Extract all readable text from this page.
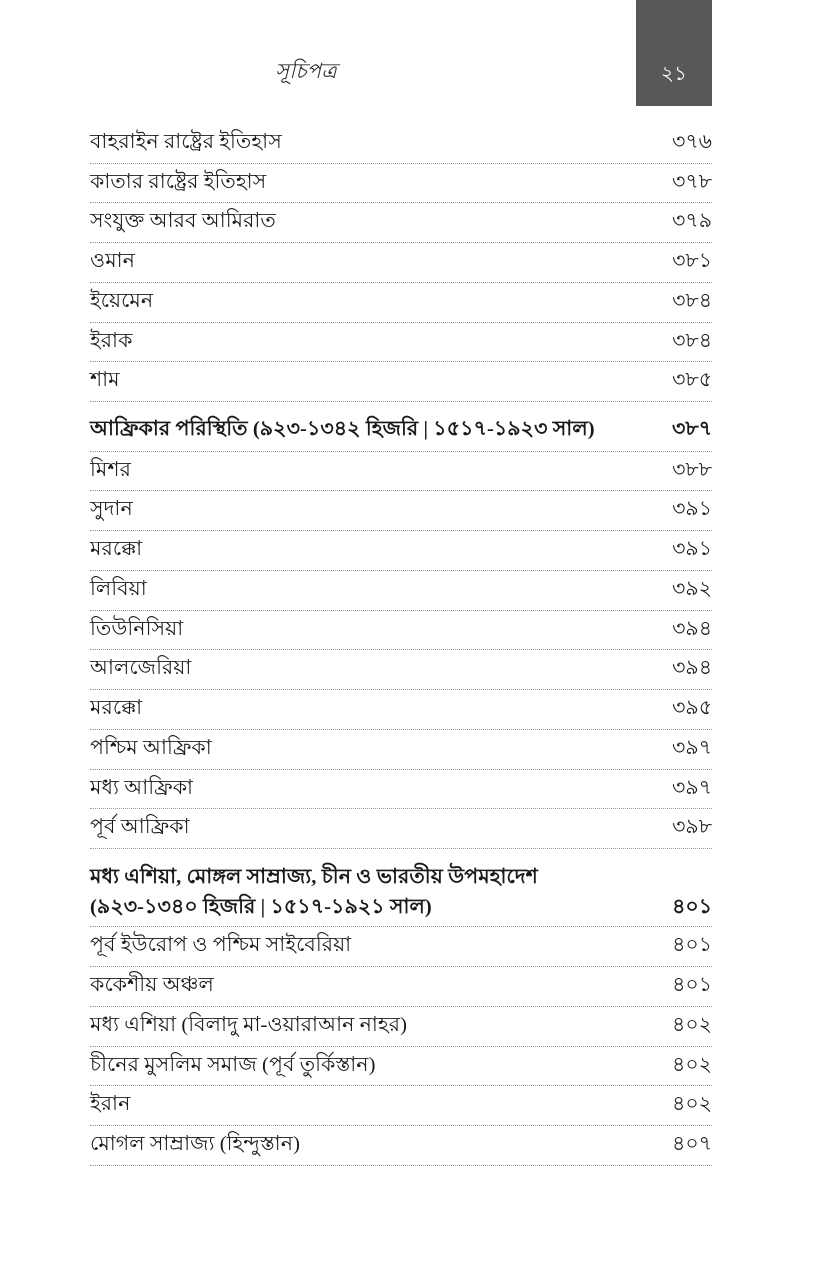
সূচিপত্র	২১
বাহরাইন রাষ্ট্রের ইতিহাস	৩৭৬
কাতার রাষ্ট্রের ইতিহাস	৩৭৮
সংযুক্ত আরব আমিরাত	৩৭৯
ওমান	৩৮১
ইয়েমেন	৩৮৪
ইরাক	৩৮৪
শাম	৩৮৫
আফ্রিকার পরিস্থিতি (৯২৩-১৩৪২ হিজরি | ১৫১৭-১৯২৩ সাল)	৩৮৭
মিশর	৩৮৮
সুদান	৩৯১
মরক্কো	৩৯১
লিবিয়া	৩৯২
তিউনিসিয়া	৩৯৪
আলজেরিয়া	৩৯৪
মরক্কো	৩৯৫
পশ্চিম আফ্রিকা	৩৯৭
মধ্য আফ্রিকা	৩৯৭
পূর্ব আফ্রিকা	৩৯৮
মধ্য এশিয়া, মোঙ্গল সাম্রাজ্য, চীন ও ভারতীয় উপমহাদেশ
(৯২৩-১৩৪০ হিজরি | ১৫১৭-১৯২১ সাল)	৪০১
পূর্ব ইউরোপ ও পশ্চিম সাইবেরিয়া	৪০১
ককেশীয় অঞ্চল	৪০১
মধ্য এশিয়া (বিলাদু মা-ওয়ারাআন নাহর)	৪০২
চীনের মুসলিম সমাজ (পূর্ব তুর্কিস্তান)	৪০২
ইরান	৪০২
মোগল সাম্রাজ্য (হিন্দুস্তান)	৪০৭
